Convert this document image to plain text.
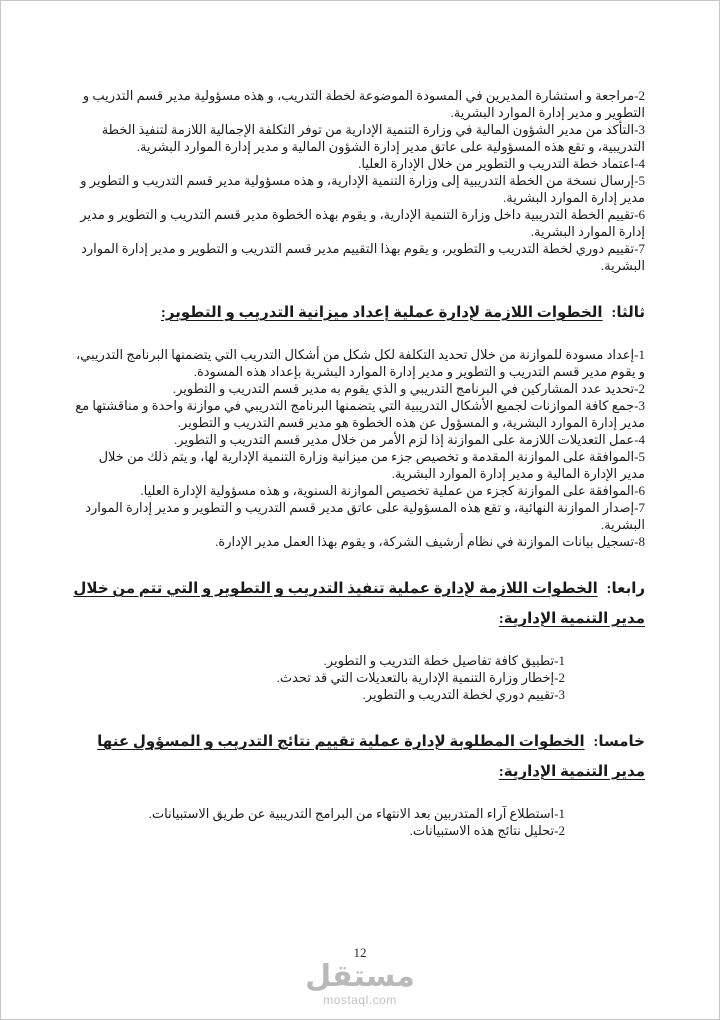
2-مراجعة و استشارة المديرين في المسودة الموضوعة لخطة التدريب، و هذه مسؤولية مدير قسم التدريب و التطوير و مدير إدارة الموارد البشرية.

3-التأكد من مدير الشؤون المالية في وزارة التنمية الإدارية من توفر التكلفة الإجمالية اللازمة لتنفيذ الخطة التدريبية، و تقع هذه المسؤولية على عاتق مدير إدارة الشؤون المالية و مدير إدارة الموارد البشرية.

4-اعتماد خطة التدريب و التطوير من خلال الإدارة العليا.

5-إرسال نسخة من الخطة التدريبية إلى وزارة التنمية الإدارية، و هذه مسؤولية مدير قسم التدريب و التطوير و مدير إدارة الموارد البشرية.

6-تقييم الخطة التدريبية داخل وزارة التنمية الإدارية، و يقوم بهذه الخطوة مدير قسم التدريب و التطوير و مدير إدارة الموارد البشرية.

7-تقييم دوري لخطة التدريب و التطوير، و يقوم بهذا التقييم مدير قسم التدريب و التطوير و مدير إدارة الموارد البشرية.

ثالثا: الخطوات اللازمة لإدارة عملية إعداد ميزانية التدريب و التطوير:

1-إعداد مسودة للموازنة من خلال تحديد التكلفة لكل شكل من أشكال التدريب التي يتضمنها البرنامج التدريبي، و يقوم مدير قسم التدريب و التطوير و مدير إدارة الموارد البشرية بإعداد هذه المسودة.

2-تحديد عدد المشاركين في البرنامج التدريبي و الذي يقوم به مدير قسم التدريب و التطوير.

3-جمع كافة الموازنات لجميع الأشكال التدريبية التي يتضمنها البرنامج التدريبي في موازنة واحدة و مناقشتها مع مدير إدارة الموارد البشرية، و المسؤول عن هذه الخطوة هو مدير قسم التدريب و التطوير.

4-عمل التعديلات اللازمة على الموازنة إذا لزم الأمر من خلال مدير قسم التدريب و التطوير.

5-الموافقة على الموازنة المقدمة و تخصيص جزء من ميزانية وزارة التنمية الإدارية لها، و يتم ذلك من خلال مدير الإدارة المالية و مدير إدارة الموارد البشرية.

6-الموافقة على الموازنة كجزء من عملية تخصيص الموازنة السنوية، و هذه مسؤولية الإدارة العليا.

7-إصدار الموازنة النهائية، و تقع هذه المسؤولية على عاتق مدير قسم التدريب و التطوير و مدير إدارة الموارد البشرية.

8-تسجيل بيانات الموازنة في نظام أرشيف الشركة، و يقوم بهذا العمل مدير الإدارة.

رابعا: الخطوات اللازمة لإدارة عملية تنفيذ التدريب و التطوير و التي تتم من خلال مدير التنمية الإدارية:

1-تطبيق كافة تفاصيل خطة التدريب و التطوير.

2-إخطار وزارة التنمية الإدارية بالتعديلات التي قد تحدث.

3-تقييم دوري لخطة التدريب و التطوير.

خامسا: الخطوات المطلوبة لإدارة عملية تقييم نتائج التدريب و المسؤول عنها مدير التنمية الإدارية:

1-استطلاع آراء المتدربين بعد الانتهاء من البرامج التدريبية عن طريق الاستبيانات.

2-تحليل نتائج هذه الاستبيانات.

12
مستقل
mostaql.com
